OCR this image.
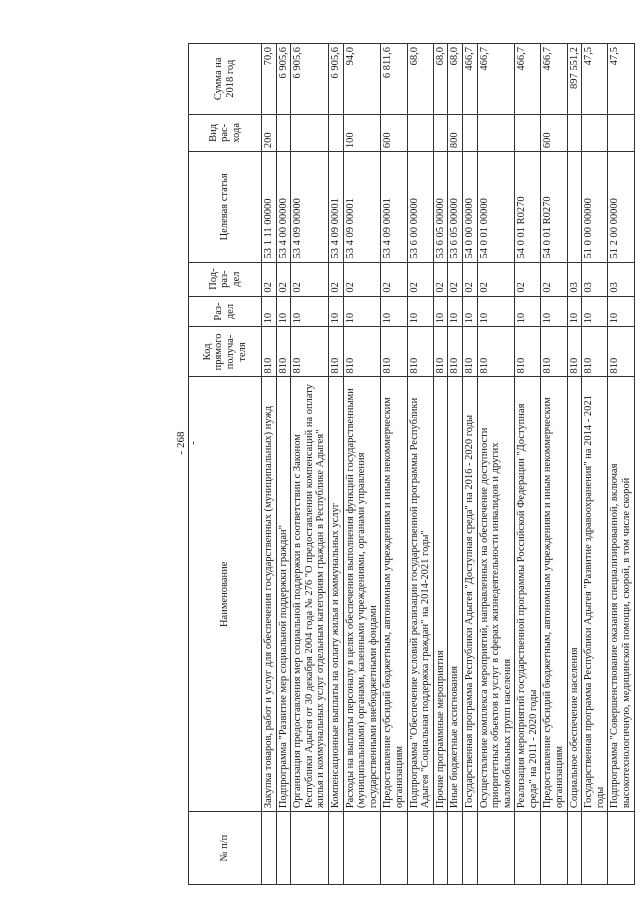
- 268 -
№ п/п	Наименование	Код прямого получа-теля	Раз-дел	Под-раз-дел	Целевая статья	Вид рас-хода	Сумма на 2018 год
	Закупка товаров, работ и услуг для обеспечения государственных (муниципальных) нужд	810	10	02	53 1 11 00000	200	70,0
	Подпрограмма "Развитие мер социальной поддержки граждан"	810	10	02	53 4 00 00000		6 905,6
	Организация предоставления мер социальной поддержки в соответствии с Законом Республики Адыгея от 30 декабря 2004 года № 276 "О предоставлении компенсаций на оплату жилья и коммунальных услуг отдельным категориям граждан в Республике Адыгея"	810	10	02	53 4 09 00000		6 905,6
	Компенсационные выплаты на оплату жилья и коммунальных услуг	810	10	02	53 4 09 00001		6 905,6
	Расходы на выплаты персоналу в целях обеспечения выполнения функций государственными (муниципальными) органами, казенными учреждениями, органами управления государственными внебюджетными фондами	810	10	02	53 4 09 00001	100	94,0
	Предоставление субсидий бюджетным, автономным учреждениям и иным некоммерческим организациям	810	10	02	53 4 09 00001	600	6 811,6
	Подпрограмма "Обеспечение условий реализации государственной программы Республики Адыгея "Социальная поддержка граждан" на 2014-2021 годы"	810	10	02	53 6 00 00000		68,0
	Прочие программные мероприятия	810	10	02	53 6 05 00000		68,0
	Иные бюджетные ассигнования	810	10	02	53 6 05 00000	800	68,0
	Государственная программа Республики Адыгея "Доступная среда" на 2016 - 2020 годы	810	10	02	54 0 00 00000		466,7
	Осуществление комплекса мероприятий, направленных на обеспечение доступности приоритетных объектов и услуг в сферах жизнедеятельности инвалидов и других маломобильных групп населения	810	10	02	54 0 01 00000		466,7
	Реализация мероприятий государственной программы Российской Федерации "Доступная среда" на 2011 - 2020 годы	810	10	02	54 0 01 R0270		466,7
	Предоставление субсидий бюджетным, автономным учреждениям и иным некоммерческим организациям	810	10	02	54 0 01 R0270	600	466,7
	Социальное обеспечение населения	810	10	03			897 551,2
	Государственная программа Республики Адыгея "Развитие здравоохранения" на 2014 - 2021 годы	810	10	03	51 0 00 00000		47,5
	Подпрограмма "Совершенствование оказания специализированной, включая высокотехнологичную, медицинской помощи, скорой, в том числе скорой	810	10	03	51 2 00 00000		47,5
